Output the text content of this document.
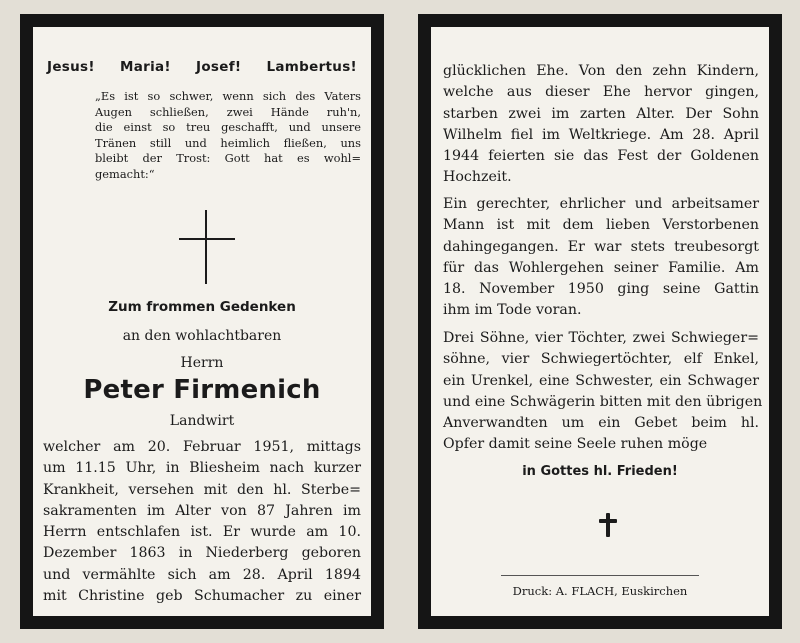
Jesus! Maria! Josef! Lambertus!
„Es ist so schwer, wenn sich des Vaters
Augen schließen, zwei Hände ruh'n,
die einst so treu geschafft, und unsere
Tränen still und heimlich fließen, uns
bleibt der Trost: Gott hat es wohl=
gemacht:“
Zum frommen Gedenken
an den wohlachtbaren
Herrn
Peter Firmenich
Landwirt
welcher am 20. Februar 1951, mittags
um 11.15 Uhr, in Bliesheim nach kurzer
Krankheit, versehen mit den hl. Sterbe=
sakramenten im Alter von 87 Jahren im
Herrn entschlafen ist. Er wurde am 10.
Dezember 1863 in Niederberg geboren
und vermählte sich am 28. April 1894
mit Christine geb Schumacher zu einer
glücklichen Ehe. Von den zehn Kindern,
welche aus dieser Ehe hervor gingen,
starben zwei im zarten Alter. Der Sohn
Wilhelm fiel im Weltkriege. Am 28. April
1944 feierten sie das Fest der Goldenen
Hochzeit.
Ein gerechter, ehrlicher und arbeitsamer
Mann ist mit dem lieben Verstorbenen
dahingegangen. Er war stets treubesorgt
für das Wohlergehen seiner Familie. Am
18. November 1950 ging seine Gattin
ihm im Tode voran.
Drei Söhne, vier Töchter, zwei Schwieger=
söhne, vier Schwiegertöchter, elf Enkel,
ein Urenkel, eine Schwester, ein Schwager
und eine Schwägerin bitten mit den übrigen
Anverwandten um ein Gebet beim hl.
Opfer damit seine Seele ruhen möge
in Gottes hl. Frieden!
Druck: A. FLACH, Euskirchen
